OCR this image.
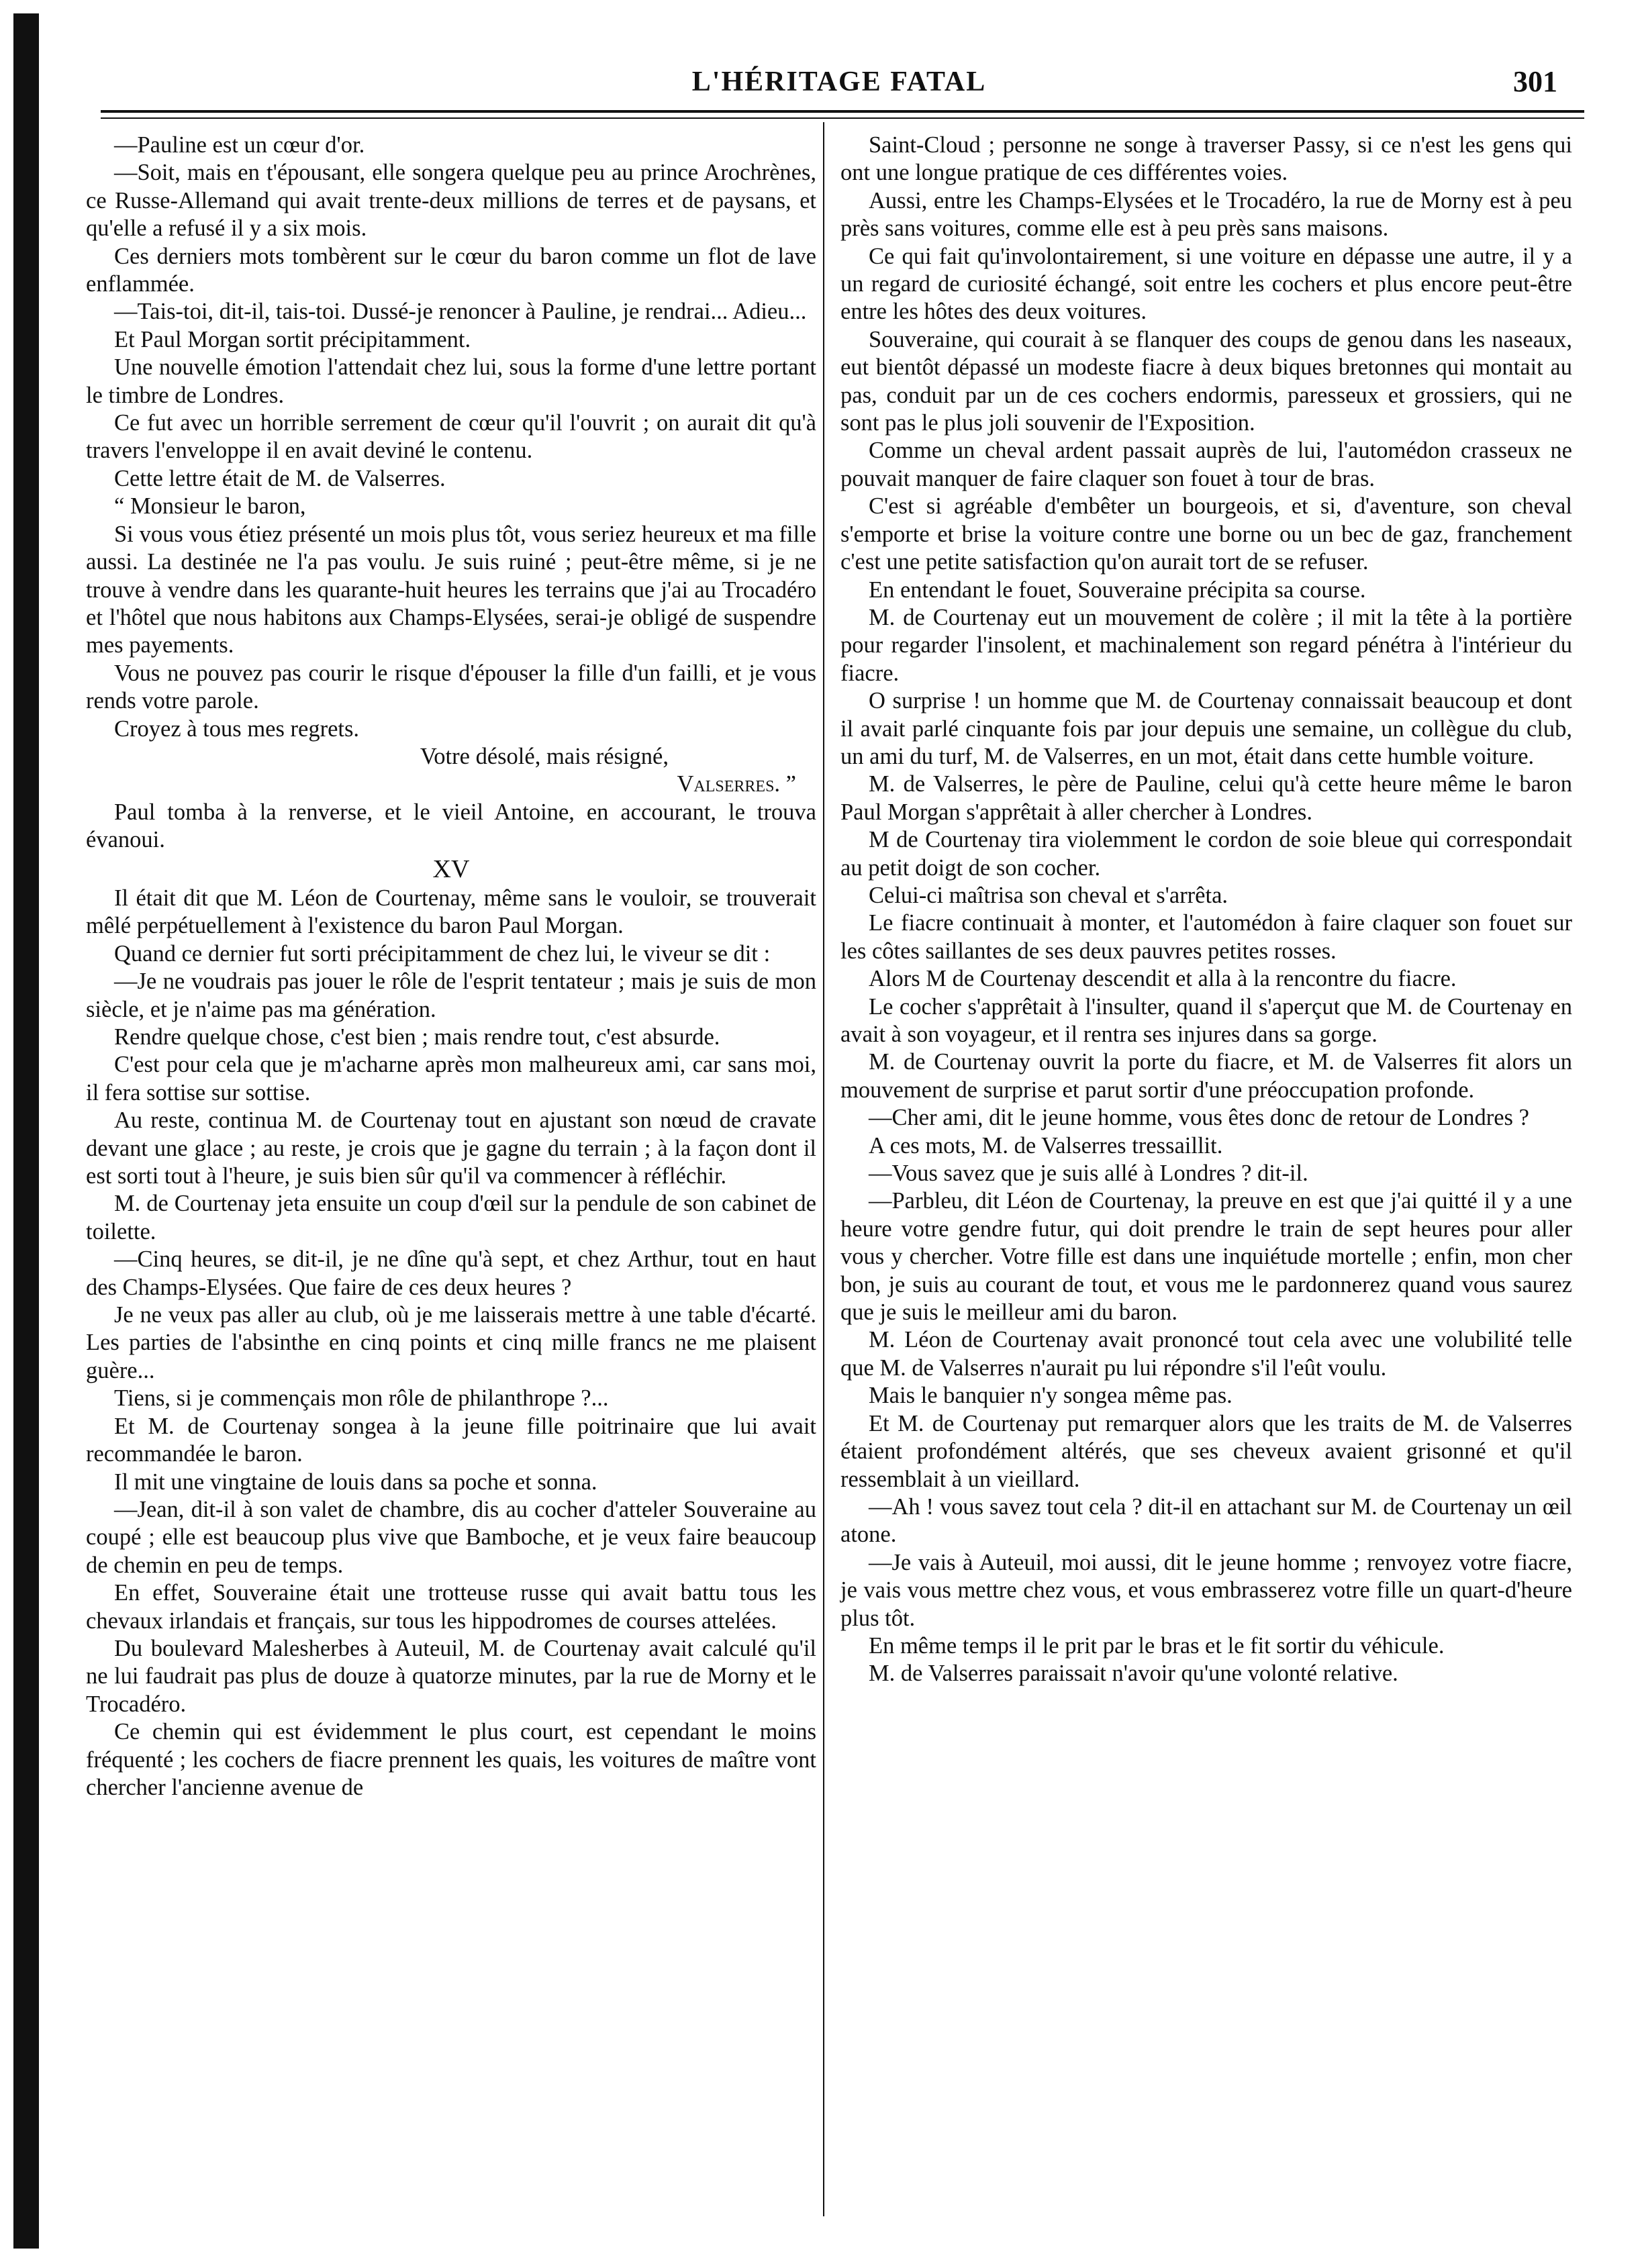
L'HÉRITAGE FATAL	301

—Pauline est un cœur d'or.

—Soit, mais en t'épousant, elle songera quelque peu au prince Arochrènes, ce Russe-Allemand qui avait trente-deux millions de terres et de paysans, et qu'elle a refusé il y a six mois.

Ces derniers mots tombèrent sur le cœur du baron comme un flot de lave enflammée.

—Tais-toi, dit-il, tais-toi. Dussé-je renoncer à Pauline, je rendrai... Adieu...

Et Paul Morgan sortit précipitamment.

Une nouvelle émotion l'attendait chez lui, sous la forme d'une lettre portant le timbre de Londres.

Ce fut avec un horrible serrement de cœur qu'il l'ouvrit ; on aurait dit qu'à travers l'enveloppe il en avait deviné le contenu.

Cette lettre était de M. de Valserres.

“ Monsieur le baron,

Si vous vous étiez présenté un mois plus tôt, vous seriez heureux et ma fille aussi. La destinée ne l'a pas voulu. Je suis ruiné ; peut-être même, si je ne trouve à vendre dans les quarante-huit heures les terrains que j'ai au Trocadéro et l'hôtel que nous habitons aux Champs-Elysées, serai-je obligé de suspendre mes payements.

Vous ne pouvez pas courir le risque d'épouser la fille d'un failli, et je vous rends votre parole.

Croyez à tous mes regrets.

Votre désolé, mais résigné,

Valserres. ”

Paul tomba à la renverse, et le vieil Antoine, en accourant, le trouva évanoui.

XV

Il était dit que M. Léon de Courtenay, même sans le vouloir, se trouverait mêlé perpétuellement à l'existence du baron Paul Morgan.

Quand ce dernier fut sorti précipitamment de chez lui, le viveur se dit :

—Je ne voudrais pas jouer le rôle de l'esprit tentateur ; mais je suis de mon siècle, et je n'aime pas ma génération.

Rendre quelque chose, c'est bien ; mais rendre tout, c'est absurde.

C'est pour cela que je m'acharne après mon malheureux ami, car sans moi, il fera sottise sur sottise.

Au reste, continua M. de Courtenay tout en ajustant son nœud de cravate devant une glace ; au reste, je crois que je gagne du terrain ; à la façon dont il est sorti tout à l'heure, je suis bien sûr qu'il va commencer à réfléchir.

M. de Courtenay jeta ensuite un coup d'œil sur la pendule de son cabinet de toilette.

—Cinq heures, se dit-il, je ne dîne qu'à sept, et chez Arthur, tout en haut des Champs-Elysées. Que faire de ces deux heures ?

Je ne veux pas aller au club, où je me laisserais mettre à une table d'écarté. Les parties de l'absinthe en cinq points et cinq mille francs ne me plaisent guère...

Tiens, si je commençais mon rôle de philanthrope ?...

Et M. de Courtenay songea à la jeune fille poitrinaire que lui avait recommandée le baron.

Il mit une vingtaine de louis dans sa poche et sonna.

—Jean, dit-il à son valet de chambre, dis au cocher d'atteler Souveraine au coupé ; elle est beaucoup plus vive que Bamboche, et je veux faire beaucoup de chemin en peu de temps.

En effet, Souveraine était une trotteuse russe qui avait battu tous les chevaux irlandais et français, sur tous les hippodromes de courses attelées.

Du boulevard Malesherbes à Auteuil, M. de Courtenay avait calculé qu'il ne lui faudrait pas plus de douze à quatorze minutes, par la rue de Morny et le Trocadéro.

Ce chemin qui est évidemment le plus court, est cependant le moins fréquenté ; les cochers de fiacre prennent les quais, les voitures de maître vont chercher l'ancienne avenue de

Saint-Cloud ; personne ne songe à traverser Passy, si ce n'est les gens qui ont une longue pratique de ces différentes voies.

Aussi, entre les Champs-Elysées et le Trocadéro, la rue de Morny est à peu près sans voitures, comme elle est à peu près sans maisons.

Ce qui fait qu'involontairement, si une voiture en dépasse une autre, il y a un regard de curiosité échangé, soit entre les cochers et plus encore peut-être entre les hôtes des deux voitures.

Souveraine, qui courait à se flanquer des coups de genou dans les naseaux, eut bientôt dépassé un modeste fiacre à deux biques bretonnes qui montait au pas, conduit par un de ces cochers endormis, paresseux et grossiers, qui ne sont pas le plus joli souvenir de l'Exposition.

Comme un cheval ardent passait auprès de lui, l'automédon crasseux ne pouvait manquer de faire claquer son fouet à tour de bras.

C'est si agréable d'embêter un bourgeois, et si, d'aventure, son cheval s'emporte et brise la voiture contre une borne ou un bec de gaz, franchement c'est une petite satisfaction qu'on aurait tort de se refuser.

En entendant le fouet, Souveraine précipita sa course.

M. de Courtenay eut un mouvement de colère ; il mit la tête à la portière pour regarder l'insolent, et machinalement son regard pénétra à l'intérieur du fiacre.

O surprise ! un homme que M. de Courtenay connaissait beaucoup et dont il avait parlé cinquante fois par jour depuis une semaine, un collègue du club, un ami du turf, M. de Valserres, en un mot, était dans cette humble voiture.

M. de Valserres, le père de Pauline, celui qu'à cette heure même le baron Paul Morgan s'apprêtait à aller chercher à Londres.

M de Courtenay tira violemment le cordon de soie bleue qui correspondait au petit doigt de son cocher.

Celui-ci maîtrisa son cheval et s'arrêta.

Le fiacre continuait à monter, et l'automédon à faire claquer son fouet sur les côtes saillantes de ses deux pauvres petites rosses.

Alors M de Courtenay descendit et alla à la rencontre du fiacre.

Le cocher s'apprêtait à l'insulter, quand il s'aperçut que M. de Courtenay en avait à son voyageur, et il rentra ses injures dans sa gorge.

M. de Courtenay ouvrit la porte du fiacre, et M. de Valserres fit alors un mouvement de surprise et parut sortir d'une préoccupation profonde.

—Cher ami, dit le jeune homme, vous êtes donc de retour de Londres ?

A ces mots, M. de Valserres tressaillit.

—Vous savez que je suis allé à Londres ? dit-il.

—Parbleu, dit Léon de Courtenay, la preuve en est que j'ai quitté il y a une heure votre gendre futur, qui doit prendre le train de sept heures pour aller vous y chercher. Votre fille est dans une inquiétude mortelle ; enfin, mon cher bon, je suis au courant de tout, et vous me le pardonnerez quand vous saurez que je suis le meilleur ami du baron.

M. Léon de Courtenay avait prononcé tout cela avec une volubilité telle que M. de Valserres n'aurait pu lui répondre s'il l'eût voulu.

Mais le banquier n'y songea même pas.

Et M. de Courtenay put remarquer alors que les traits de M. de Valserres étaient profondément altérés, que ses cheveux avaient grisonné et qu'il ressemblait à un vieillard.

—Ah ! vous savez tout cela ? dit-il en attachant sur M. de Courtenay un œil atone.

—Je vais à Auteuil, moi aussi, dit le jeune homme ; renvoyez votre fiacre, je vais vous mettre chez vous, et vous embrasserez votre fille un quart-d'heure plus tôt.

En même temps il le prit par le bras et le fit sortir du véhicule.

M. de Valserres paraissait n'avoir qu'une volonté relative.
